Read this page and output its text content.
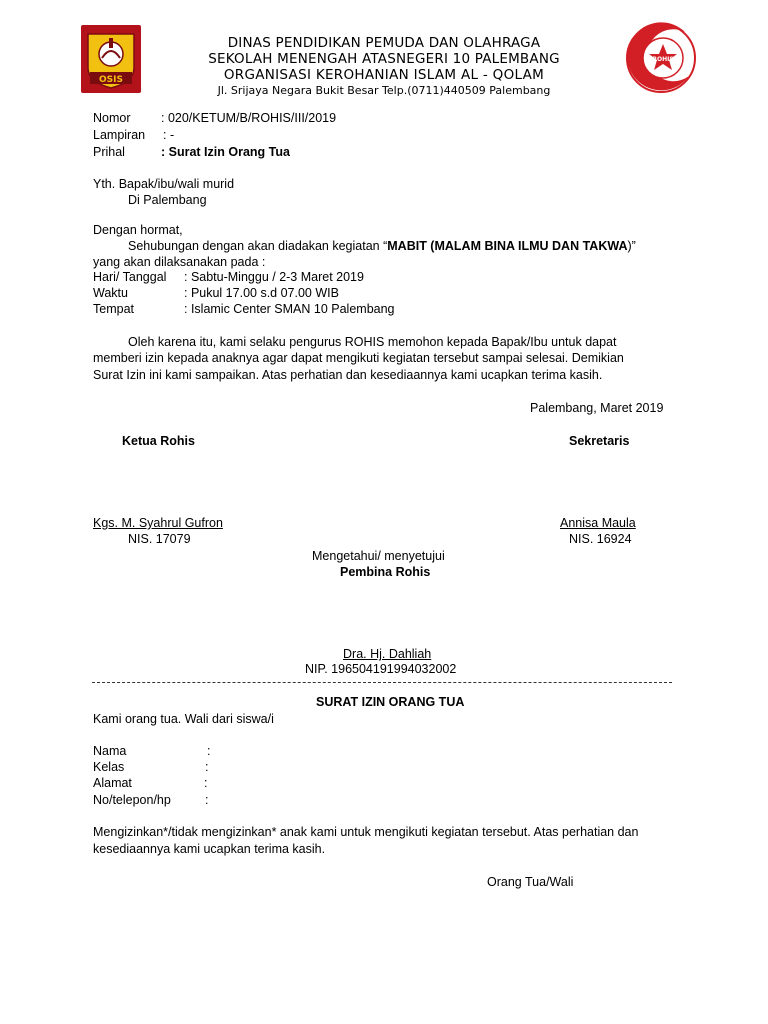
OSIS
ROHIS
DINAS PENDIDIKAN PEMUDA DAN OLAHRAGA
SEKOLAH MENENGAH ATASNEGERI 10 PALEMBANG
ORGANISASI KEROHANIAN ISLAM AL - QOLAM
Jl. Srijaya Negara Bukit Besar Telp.(0711)440509 Palembang
Nomor : 020/KETUM/B/ROHIS/III/2019
Lampiran : -
Prihal	: Surat Izin Orang Tua
Yth. Bapak/ibu/wali murid
Di Palembang
Dengan hormat,
Sehubungan dengan akan diadakan kegiatan “MABIT (MALAM BINA ILMU DAN TAKWA)”
yang akan dilaksanakan pada :
Hari/ Tanggal : Sabtu-Minggu / 2-3 Maret 2019
Waktu	: Pukul 17.00 s.d 07.00 WIB
Tempat	: Islamic Center SMAN 10 Palembang
Oleh karena itu, kami selaku pengurus ROHIS memohon kepada Bapak/Ibu untuk dapat
memberi izin kepada anaknya agar dapat mengikuti kegiatan tersebut sampai selesai. Demikian
Surat Izin ini kami sampaikan. Atas perhatian dan kesediaannya kami ucapkan terima kasih.
Palembang, Maret 2019
Ketua Rohis	Sekretaris
Kgs. M. Syahrul Gufron	Annisa Maula
NIS. 17079	NIS. 16924
Mengetahui/ menyetujui
Pembina Rohis
Dra. Hj. Dahliah
NIP. 196504191994032002
SURAT IZIN ORANG TUA
Kami orang tua. Wali dari siswa/i
Nama	:
Kelas	:
Alamat	:
No/telepon/hp	:
Mengizinkan*/tidak mengizinkan* anak kami untuk mengikuti kegiatan tersebut. Atas perhatian dan
kesediaannya kami ucapkan terima kasih.
Orang Tua/Wali
